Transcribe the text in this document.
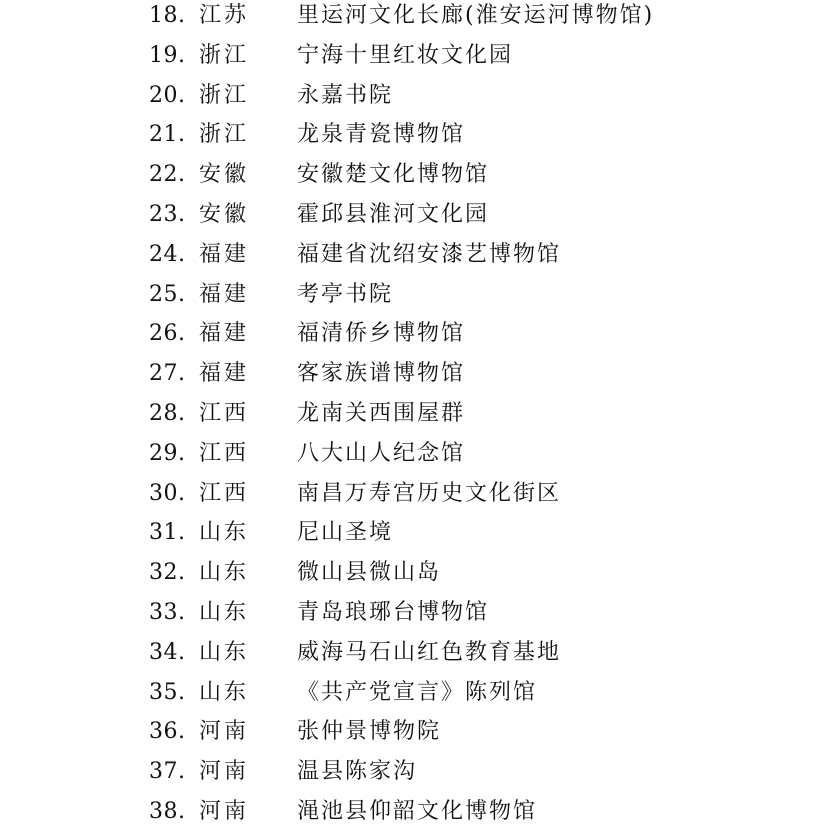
18. 江苏 里运河文化长廊(淮安运河博物馆)
19. 浙江 宁海十里红妆文化园
20. 浙江 永嘉书院
21. 浙江 龙泉青瓷博物馆
22. 安徽 安徽楚文化博物馆
23. 安徽 霍邱县淮河文化园
24. 福建 福建省沈绍安漆艺博物馆
25. 福建 考亭书院
26. 福建 福清侨乡博物馆
27. 福建 客家族谱博物馆
28. 江西 龙南关西围屋群
29. 江西 八大山人纪念馆
30. 江西 南昌万寿宫历史文化街区
31. 山东 尼山圣境
32. 山东 微山县微山岛
33. 山东 青岛琅琊台博物馆
34. 山东 威海马石山红色教育基地
35. 山东 《共产党宣言》陈列馆
36. 河南 张仲景博物院
37. 河南 温县陈家沟
38. 河南 渑池县仰韶文化博物馆
